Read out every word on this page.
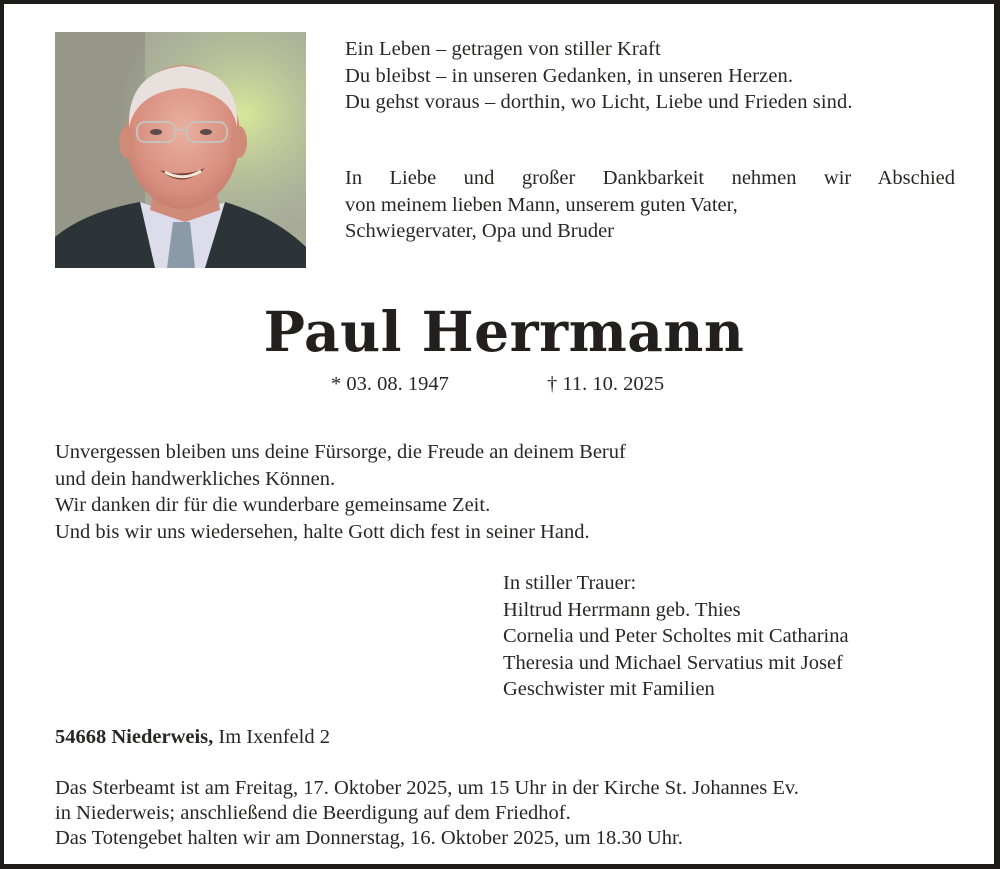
Ein Leben – getragen von stiller Kraft
Du bleibst – in unseren Gedanken, in unseren Herzen.
Du gehst voraus – dorthin, wo Licht, Liebe und Frieden sind.
In Liebe und großer Dankbarkeit nehmen wir Abschied
von meinem lieben Mann, unserem guten Vater,
Schwiegervater, Opa und Bruder
Paul Herrmann
* 03. 08. 1947	† 11. 10. 2025
Unvergessen bleiben uns deine Fürsorge, die Freude an deinem Beruf
und dein handwerkliches Können.
Wir danken dir für die wunderbare gemeinsame Zeit.
Und bis wir uns wiedersehen, halte Gott dich fest in seiner Hand.
In stiller Trauer:
Hiltrud Herrmann geb. Thies
Cornelia und Peter Scholtes mit Catharina
Theresia und Michael Servatius mit Josef
Geschwister mit Familien
54668 Niederweis, Im Ixenfeld 2
Das Sterbeamt ist am Freitag, 17. Oktober 2025, um 15 Uhr in der Kirche St. Johannes Ev.
in Niederweis; anschließend die Beerdigung auf dem Friedhof.
Das Totengebet halten wir am Donnerstag, 16. Oktober 2025, um 18.30 Uhr.
